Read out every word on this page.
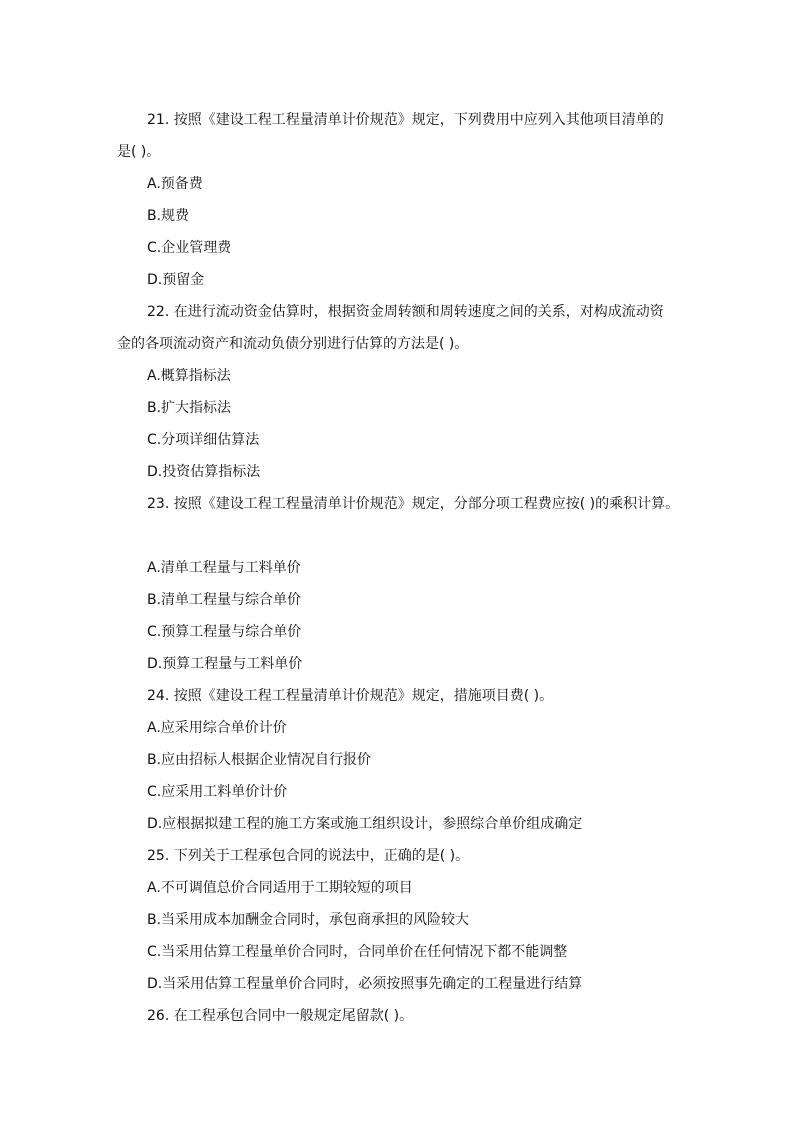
21. 按照《建设工程工程量清单计价规范》规定，下列费用中应列入其他项目清单的
是( )。
A.预备费
B.规费
C.企业管理费
D.预留金
22. 在进行流动资金估算时，根据资金周转额和周转速度之间的关系，对构成流动资
金的各项流动资产和流动负债分别进行估算的方法是( )。
A.概算指标法
B.扩大指标法
C.分项详细估算法
D.投资估算指标法
23. 按照《建设工程工程量清单计价规范》规定，分部分项工程费应按( )的乘积计算。
A.清单工程量与工料单价
B.清单工程量与综合单价
C.预算工程量与综合单价
D.预算工程量与工料单价
24. 按照《建设工程工程量清单计价规范》规定，措施项目费( )。
A.应采用综合单价计价
B.应由招标人根据企业情况自行报价
C.应采用工料单价计价
D.应根据拟建工程的施工方案或施工组织设计，参照综合单价组成确定
25. 下列关于工程承包合同的说法中，正确的是( )。
A.不可调值总价合同适用于工期较短的项目
B.当采用成本加酬金合同时，承包商承担的风险较大
C.当采用估算工程量单价合同时，合同单价在任何情况下都不能调整
D.当采用估算工程量单价合同时，必须按照事先确定的工程量进行结算
26. 在工程承包合同中一般规定尾留款( )。
